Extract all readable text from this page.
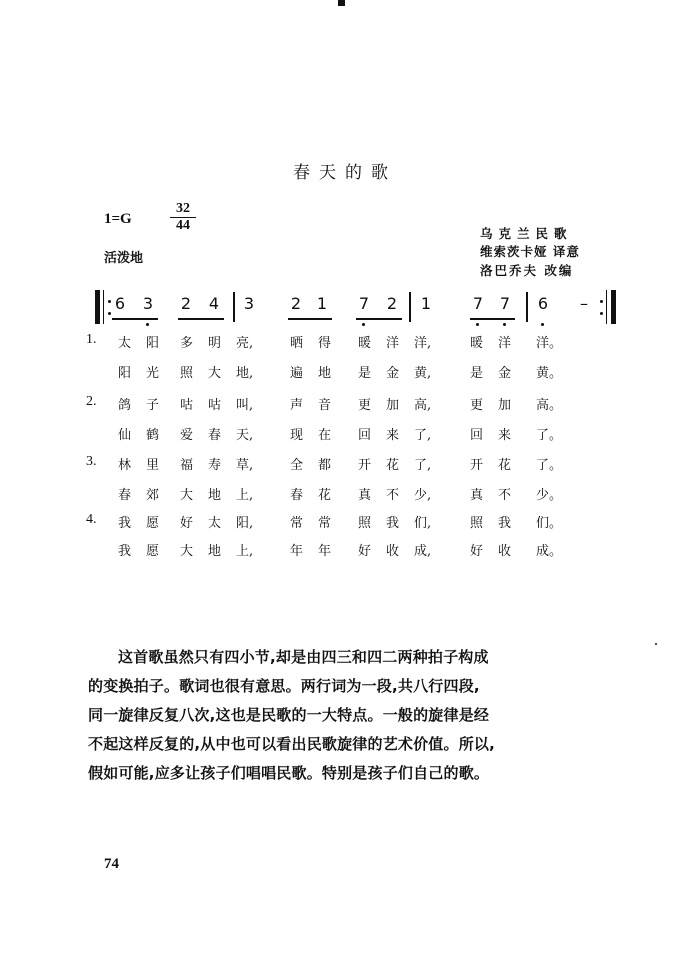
春天的歌
1=G	$\frac{32}{44}$
活泼地
乌克兰民歌
维索茨卡娅 译意
洛巴乔夫 改编
6 3 2 4 3 2 1 7 2 1	7 7 6 –
1. 太 阳 多 明 亮,	晒 得 暖 洋 洋,	暖 洋 洋。
阳 光 照 大 地,	遍 地 是 金 黄,	是 金 黄。
2. 鸽 子 咕 咕 叫,	声 音 更 加 高,	更 加 高。
仙 鹤 爱 春 天,	现 在 回 来 了,	回 来 了。
3. 林 里 福 寿 草,	全 都 开 花 了,	开 花 了。
春 郊 大 地 上,	春 花 真 不 少,	真 不 少。
4. 我 愿 好 太 阳,	常 常 照 我 们,	照 我 们。
我 愿 大 地 上,	年 年 好 收 成,	好 收 成。
这首歌虽然只有四小节,却是由四三和四二两种拍子构成
的变换拍子。歌词也很有意思。两行词为一段,共八行四段,
同一旋律反复八次,这也是民歌的一大特点。一般的旋律是经
不起这样反复的,从中也可以看出民歌旋律的艺术价值。所以,
假如可能,应多让孩子们唱唱民歌。特别是孩子们自己的歌。
74
